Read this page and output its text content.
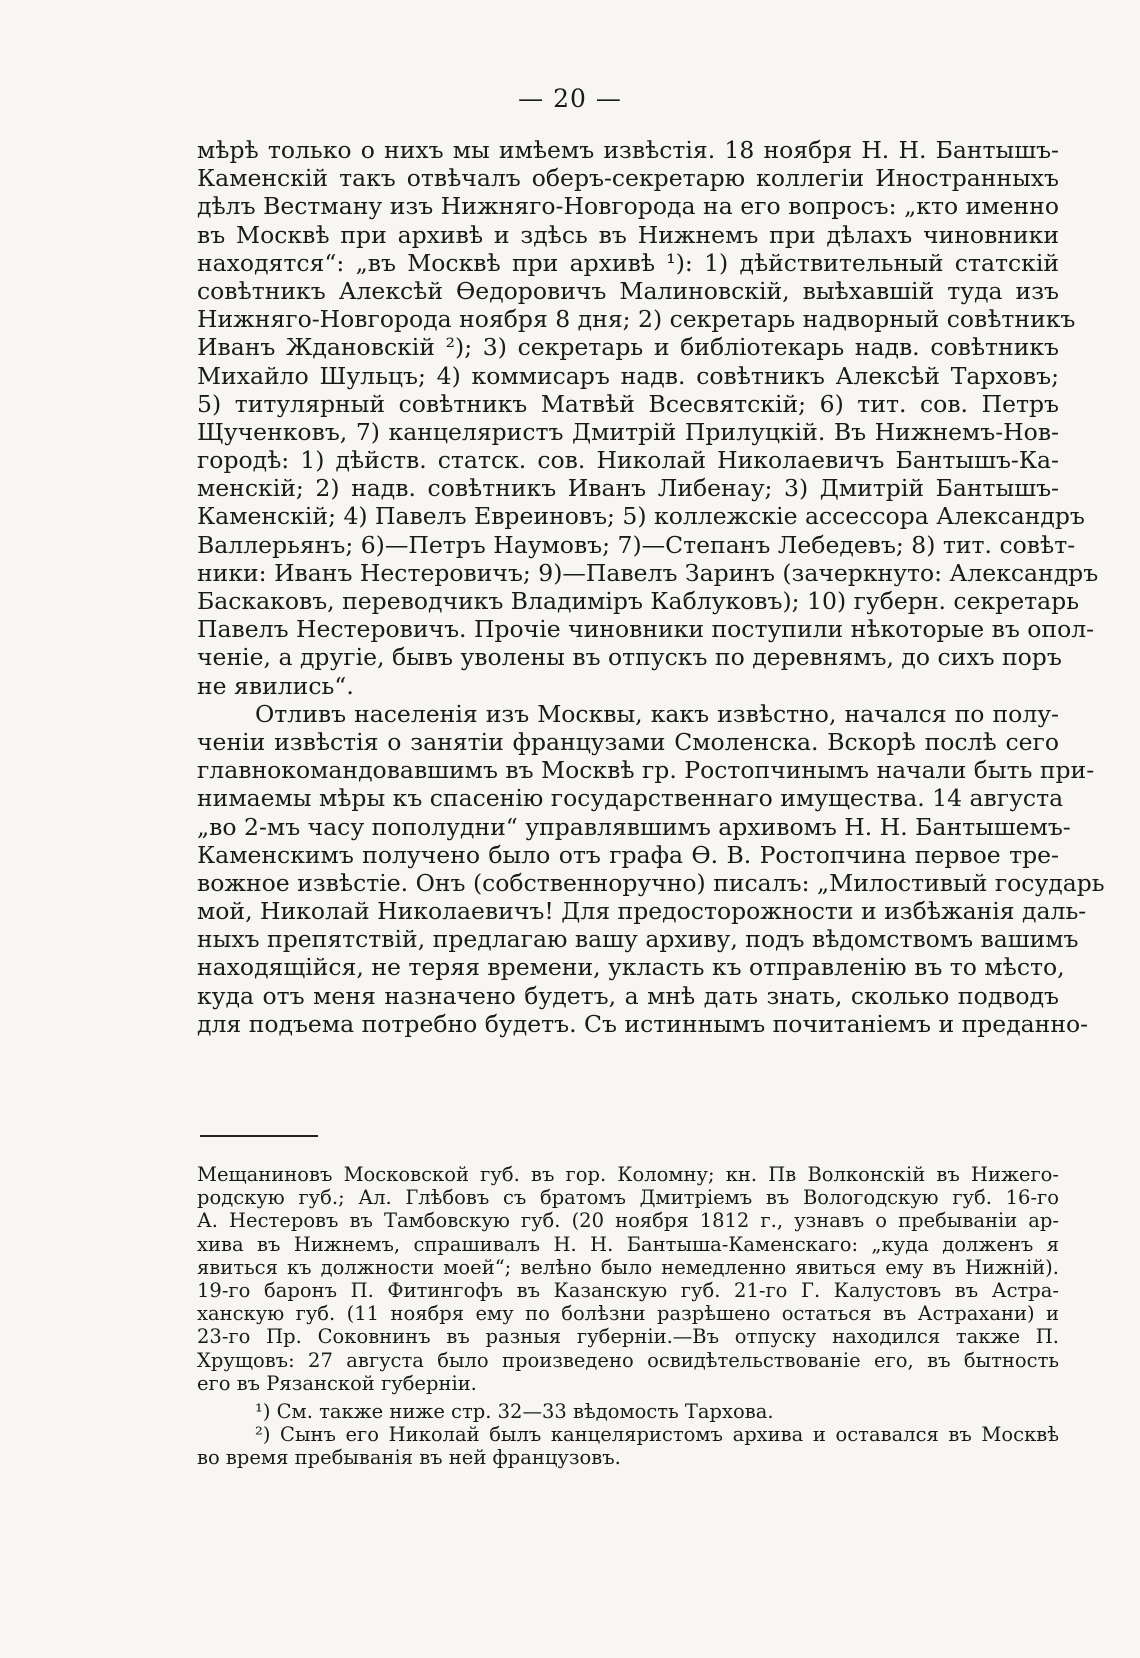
— 20 —
мѣрѣ только о нихъ мы имѣемъ извѣстія. 18 ноября Н. Н. Бантышъ-
Каменскій такъ отвѣчалъ оберъ-секретарю коллегіи Иностранныхъ
дѣлъ Вестману изъ Нижняго-Новгорода на его вопросъ: „кто именно
въ Москвѣ при архивѣ и здѣсь въ Нижнемъ при дѣлахъ чиновники
находятся“: „въ Москвѣ при архивѣ ¹): 1) дѣйствительный статскій
совѣтникъ Алексѣй Ѳедоровичъ Малиновскій, выѣхавшій туда изъ
Нижняго-Новгорода ноября 8 дня; 2) секретарь надворный совѣтникъ
Иванъ Ждановскій ²); 3) секретарь и библіотекарь надв. совѣтникъ
Михайло Шульцъ; 4) коммисаръ надв. совѣтникъ Алексѣй Тарховъ;
5) титулярный совѣтникъ Матвѣй Всесвятскій; 6) тит. сов. Петръ
Щученковъ, 7) канцеляристъ Дмитрій Прилуцкій. Въ Нижнемъ-Нов-
городѣ: 1) дѣйств. статск. сов. Николай Николаевичъ Бантышъ-Ка-
менскій; 2) надв. совѣтникъ Иванъ Либенау; 3) Дмитрій Бантышъ-
Каменскій; 4) Павелъ Евреиновъ; 5) коллежскіе ассессора Александръ
Валлерьянъ; 6)—Петръ Наумовъ; 7)—Степанъ Лебедевъ; 8) тит. совѣт-
ники: Иванъ Нестеровичъ; 9)—Павелъ Заринъ (зачеркнуто: Александръ
Баскаковъ, переводчикъ Владиміръ Каблуковъ); 10) губерн. секретарь
Павелъ Нестеровичъ. Прочіе чиновники поступили нѣкоторые въ опол-
ченіе, а другіе, бывъ уволены въ отпускъ по деревнямъ, до сихъ поръ
не явились“.
Отливъ населенія изъ Москвы, какъ извѣстно, начался по полу-
ченіи извѣстія о занятіи французами Смоленска. Вскорѣ послѣ сего
главнокомандовавшимъ въ Москвѣ гр. Ростопчинымъ начали быть при-
нимаемы мѣры къ спасенію государственнаго имущества. 14 августа
„во 2-мъ часу пополудни“ управлявшимъ архивомъ Н. Н. Бантышемъ-
Каменскимъ получено было отъ графа Ѳ. В. Ростопчина первое тре-
вожное извѣстіе. Онъ (собственноручно) писалъ: „Милостивый государь
мой, Николай Николаевичъ! Для предосторожности и избѣжанія даль-
ныхъ препятствій, предлагаю вашу архиву, подъ вѣдомствомъ вашимъ
находящійся, не теряя времени, укласть къ отправленію въ то мѣсто,
куда отъ меня назначено будетъ, а мнѣ дать знать, сколько подводъ
для подъема потребно будетъ. Съ истиннымъ почитаніемъ и преданно-
Мещаниновъ Московской губ. въ гор. Коломну; кн. Пв Волконскій въ Нижего-
родскую губ.; Ал. Глѣбовъ съ братомъ Дмитріемъ въ Вологодскую губ. 16-го
А. Нестеровъ въ Тамбовскую губ. (20 ноября 1812 г., узнавъ о пребываніи ар-
хива въ Нижнемъ, спрашивалъ Н. Н. Бантыша-Каменскаго: „куда долженъ я
явиться къ должности моей“; велѣно было немедленно явиться ему въ Нижній).
19-го баронъ П. Фитингофъ въ Казанскую губ. 21-го Г. Калустовъ въ Астра-
ханскую губ. (11 ноября ему по болѣзни разрѣшено остаться въ Астрахани) и
23-го Пр. Соковнинъ въ разныя губерніи.—Въ отпуску находился также П.
Хрущовъ: 27 августа было произведено освидѣтельствованіе его, въ бытность
его въ Рязанской губерніи.
¹) См. также ниже стр. 32—33 вѣдомость Тархова.
²) Сынъ его Николай былъ канцеляристомъ архива и оставался въ Москвѣ
во время пребыванія въ ней французовъ.
